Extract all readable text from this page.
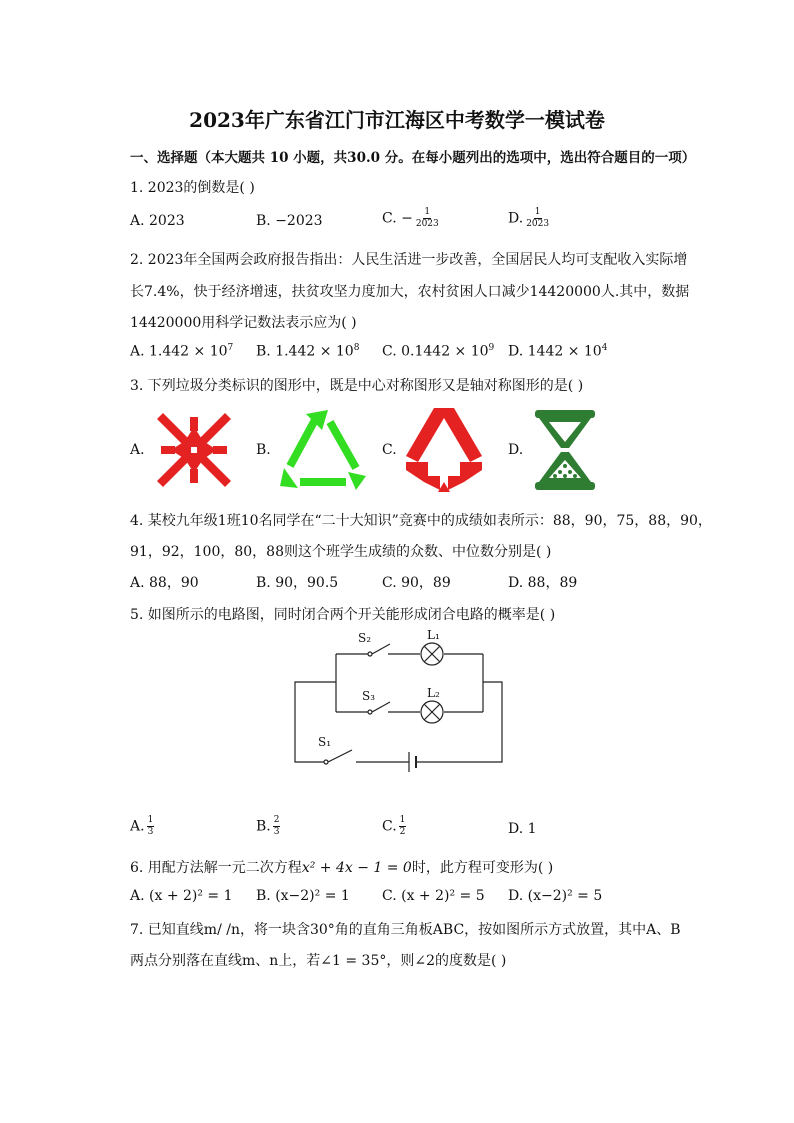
2023年广东省江门市江海区中考数学一模试卷
一、选择题（本大题共 10 小题，共30.0 分。在每小题列出的选项中，选出符合题目的一项）
1. 2023的倒数是( )
A. 2023	B. −2023	C. − $\frac{1}{2023}$	D. $\frac{1}{2023}$
2. 2023年全国两会政府报告指出：人民生活进一步改善，全国居民人均可支配收入实际增
长7.4%，快于经济增速，扶贫攻坚力度加大，农村贫困人口减少14420000人.其中，数据
14420000用科学记数法表示应为( )
A. $1.442 \times 10^7$ B. $1.442 \times 10^8$ C. $0.1442 \times 10^9$ D. $1442 \times 10^4$
3. 下列垃圾分类标识的图形中，既是中心对称图形又是轴对称图形的是( )
A.	B.	C.	D.
4. 某校九年级1班10名同学在“二十大知识”竞赛中的成绩如表所示：88，90，75，88，90，
91，92，100，80，88则这个班学生成绩的众数、中位数分别是( )
A. 88，90	B. 90，90.5	C. 90，89	D. 88，89
5. 如图所示的电路图，同时闭合两个开关能形成闭合电路的概率是( )
S₂	L₁
S₃	L₂
S₁
A. $\frac{1}{3}$	B. $\frac{2}{3}$	C. $\frac{1}{2}$	D. 1
6. 用配方法解一元二次方程x² + 4x − 1 = 0时，此方程可变形为( )
A. (x + 2)² = 1 B. (x−2)² = 1 C. (x + 2)² = 5 D. (x−2)² = 5
7. 已知直线m/ /n，将一块含30°角的直角三角板ABC，按如图所示方式放置，其中A、B
两点分别落在直线m、n上，若∠1 = 35°，则∠2的度数是( )
